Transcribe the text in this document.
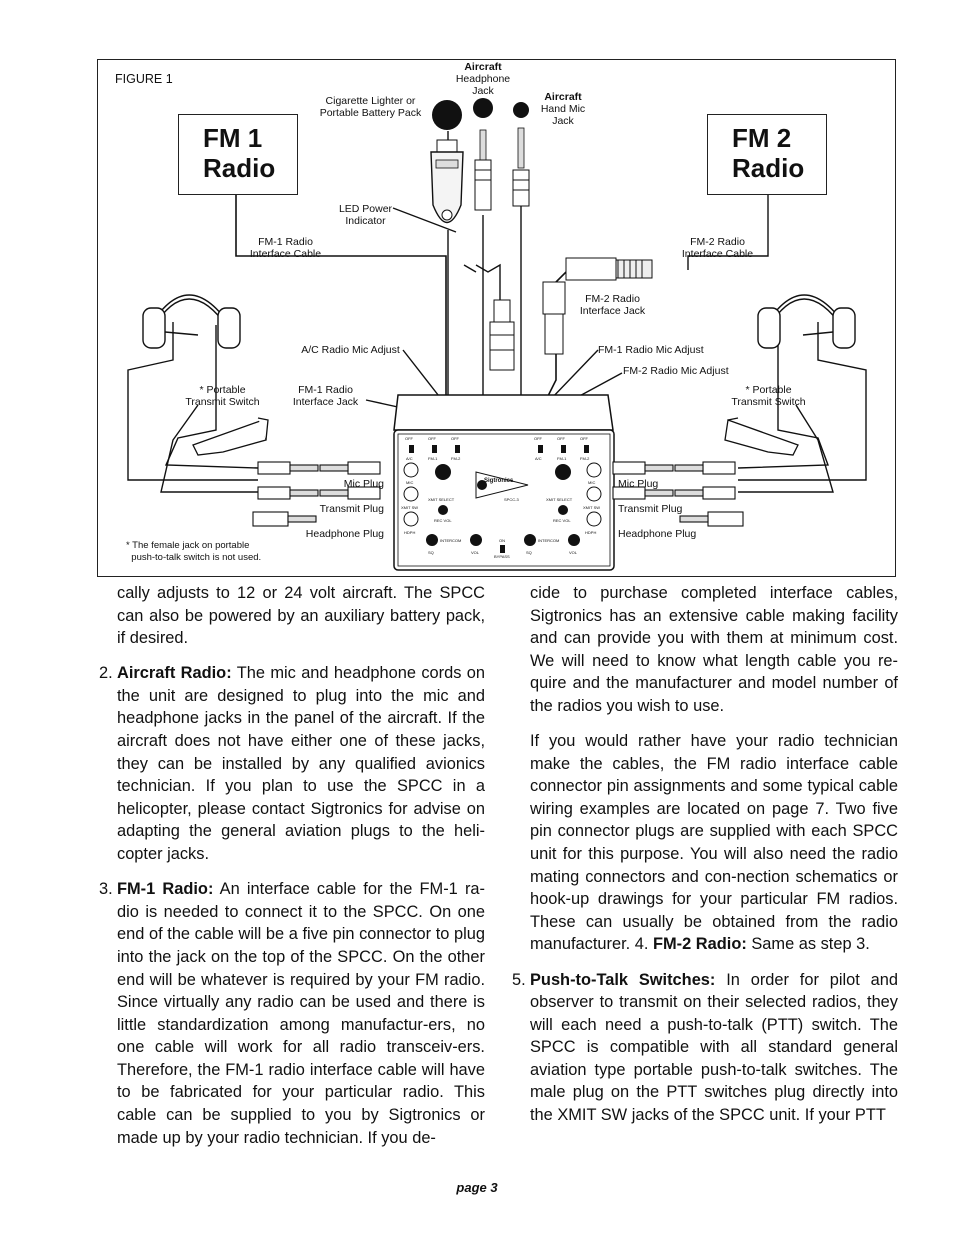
FIGURE 1
FM 1
Radio
FM 2
Radio
Aircraft
Headphone
Jack	Aircraft
Hand Mic
Jack
Cigarette Lighter or
Portable Battery Pack
LED Power
Indicator
FM-1 Radio
Interface Cable
FM-2 Radio
Interface Cable
FM-2 Radio
Interface Jack
A/C Radio Mic Adjust	FM-1 Radio Mic Adjust
FM-2 Radio Mic Adjust
FM-1 Radio
Interface Jack
* Portable
Transmit Switch
* Portable
Transmit Switch
Mic Plug
Transmit Plug
Headphone Plug
Mic Plug
Transmit Plug
Headphone Plug
* The female jack on portable
push-to-talk switch is not used.
OFF	OFF	OFF	OFF	OFF	OFF
A/C	FM-1	FM-2	A/C	FM-1	FM-2
MIC	MIC
XMIT SELECT	XMIT SELECT
XMIT SW	XMIT SW
REC VOL	REC VOL
HDPH	HDPH
Sigtronics
SPCC-3
INTERCOM	INTERCOM
SQ	VOL	SQ	VOL
ON
BYPASS

cally adjusts to 12 or 24 volt aircraft. The SPCC can also be powered by an auxiliary battery pack, if desired.

2. Aircraft Radio: The mic and headphone cords on the unit are designed to plug into the mic and headphone jacks in the panel of the aircraft. If the aircraft does not have either one of these jacks, they can be installed by any qualified avionics technician. If you plan to use the SPCC in a helicopter, please contact Sigtronics for advise on adapting the general aviation plugs to the heli-copter jacks.
3. FM-1 Radio: An interface cable for the FM-1 ra-dio is needed to connect it to the SPCC. On one end of the cable will be a five pin connector to plug into the jack on the top of the SPCC. On the other end will be whatever is required by your FM radio. Since virtually any radio can be used and there is little standardization among manufactur-ers, no one cable will work for all radio transceiv-ers. Therefore, the FM-1 radio interface cable will have to be fabricated for your particular radio. This cable can be supplied to you by Sigtronics or made up by your radio technician. If you de-

cide to purchase completed interface cables, Sigtronics has an extensive cable making facility and can provide you with them at minimum cost. We will need to know what length cable you re-quire and the manufacturer and model number of the radios you wish to use.

If you would rather have your radio technician make the cables, the FM radio interface cable connector pin assignments and some typical cable wiring examples are located on page 7. Two five pin connector plugs are supplied with each SPCC unit for this purpose. You will also need the radio mating connectors and con-nection schematics or hook-up drawings for your particular FM radios. These can usually be obtained from the radio manufacturer. 4. FM-2 Radio: Same as step 3.

5. Push-to-Talk Switches: In order for pilot and observer to transmit on their selected radios, they will each need a push-to-talk (PTT) switch. The SPCC is compatible with all standard general aviation type portable push-to-talk switches. The male plug on the PTT switches plug directly into the XMIT SW jacks of the SPCC unit. If your PTT
page 3
